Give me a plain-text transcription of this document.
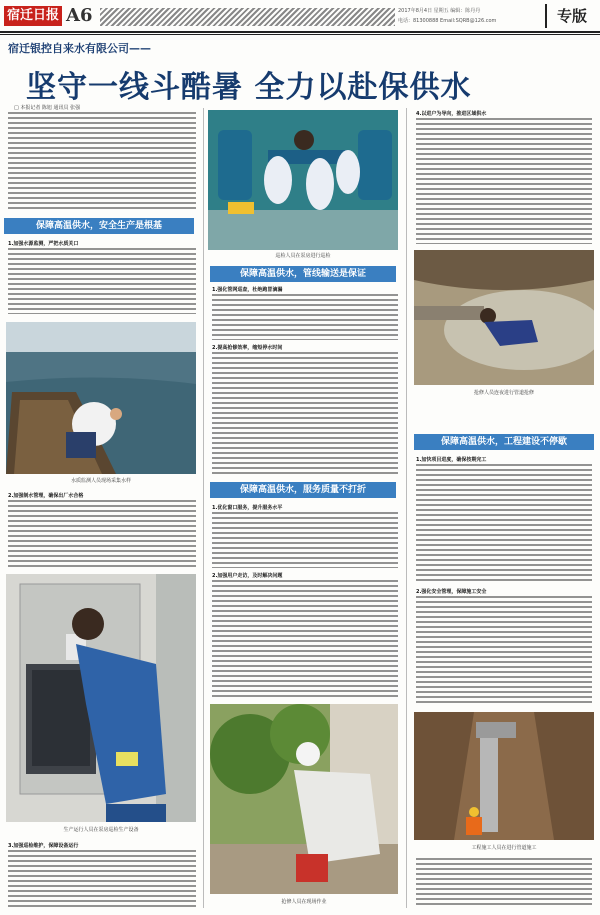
宿迁日报 A6	2017年8月4日 星期五 编辑：陈丹丹
电话：81300888 Email:SQRB@126.com	专版
宿迁银控自来水有限公司——
坚守一线斗酷暑 全力以赴保供水
□ 本报记者 陈旭 通讯员 张强
保障高温供水，安全生产是根基
1.加强水源监测，严把水质关口
水质监测人员现场采集水样
2.加强制水管理，确保出厂水合格
生产运行人员在泵房巡检生产设备
3.加强巡检维护，保障设备运行
巡检人员在泵房进行巡检
保障高温供水，管线输送是保证
1.强化管网巡查，杜绝跑冒滴漏
2.提高抢修效率，缩短停水时间
保障高温供水，服务质量不打折
1.优化窗口服务，提升服务水平
2.加强用户走访，及时解决问题
抢修人员在现场作业
4.以进户为导向，推进区域供水
抢修人员连夜进行管道抢修
保障高温供水，工程建设不停歇
1.加快项目进度，确保按期完工
2.强化安全管理，保障施工安全
工程施工人员在进行管道施工
